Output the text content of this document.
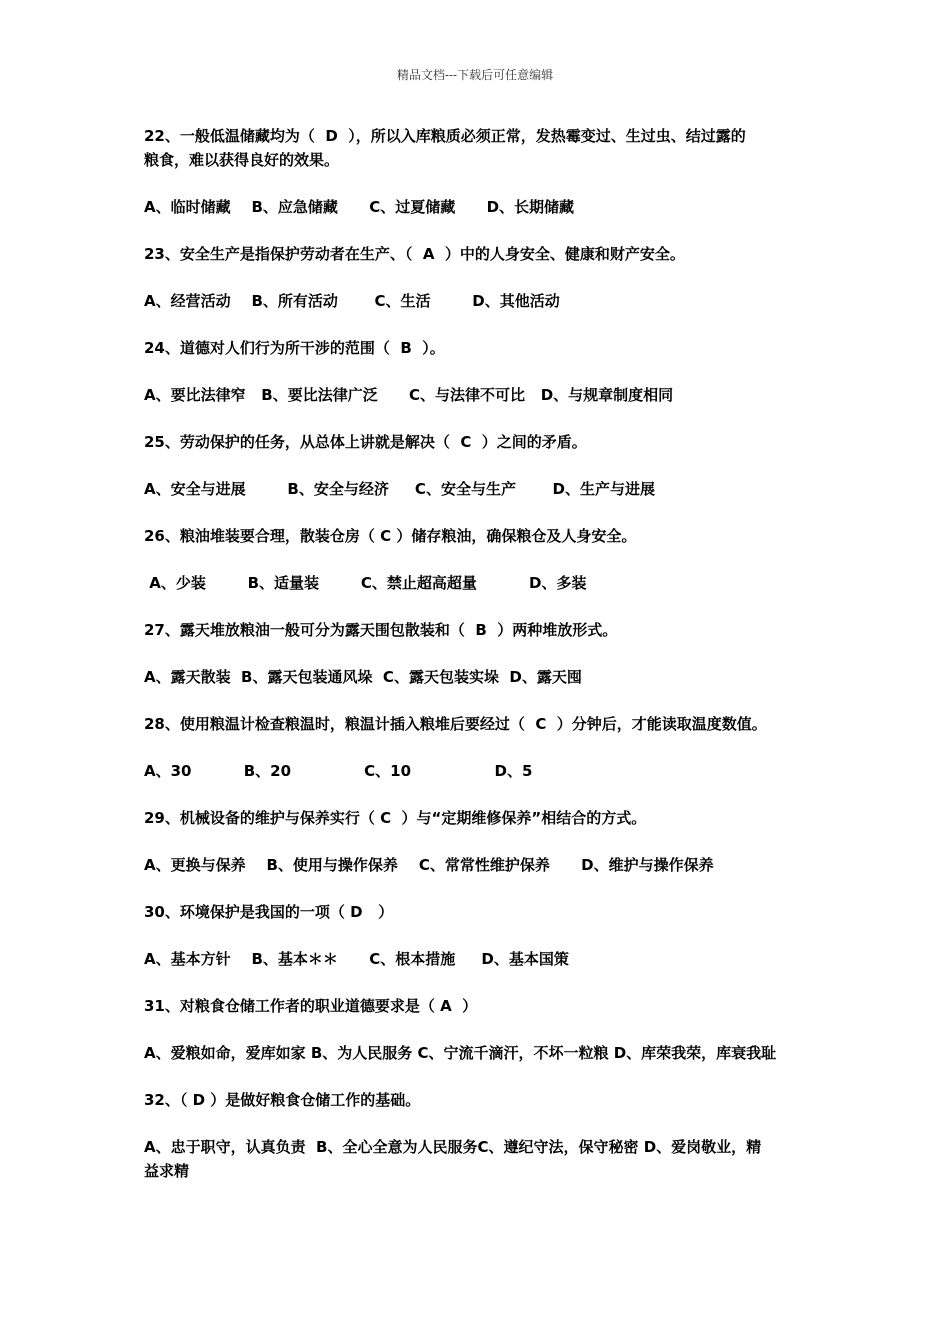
精品文档---下载后可任意编辑
22、一般低温储藏均为（  D  ），所以入库粮质必须正常，发热霉变过、生过虫、结过露的
粮食，难以获得良好的效果。
A、临时储藏    B、应急储藏      C、过夏储藏      D、长期储藏
23、安全生产是指保护劳动者在生产、（  A  ）中的人身安全、健康和财产安全。
A、经营活动    B、所有活动       C、生活        D、其他活动
24、道德对人们行为所干涉的范围（  B  ）。
A、要比法律窄   B、要比法律广泛      C、与法律不可比   D、与规章制度相同
25、劳动保护的任务，从总体上讲就是解决（  C  ）之间的矛盾。
A、安全与进展        B、安全与经济     C、安全与生产       D、生产与进展
26、粮油堆装要合理，散装仓房（ C ）储存粮油，确保粮仓及人身安全。
A、少装        B、适量装        C、禁止超高超量          D、多装
27、露天堆放粮油一般可分为露天围包散装和（  B  ）两种堆放形式。
A、露天散装  B、露天包装通风垛  C、露天包装实垛  D、露天囤
28、使用粮温计检查粮温时，粮温计插入粮堆后要经过（  C  ）分钟后，才能读取温度数值。
A、30          B、20              C、10                D、5
29、机械设备的维护与保养实行（ C  ）与“定期维修保养”相结合的方式。
A、更换与保养    B、使用与操作保养    C、常常性维护保养      D、维护与操作保养
30、环境保护是我国的一项（ D   ）
A、基本方针    B、基本＊＊      C、根本措施     D、基本国策
31、对粮食仓储工作者的职业道德要求是（ A  ）
A、爱粮如命，爱库如家 B、为人民服务 C、宁流千滴汗，不坏一粒粮 D、库荣我荣，库衰我耻
32、（ D ）是做好粮食仓储工作的基础。
A、忠于职守，认真负责  B、全心全意为人民服务C、遵纪守法，保守秘密 D、爱岗敬业，精
益求精
